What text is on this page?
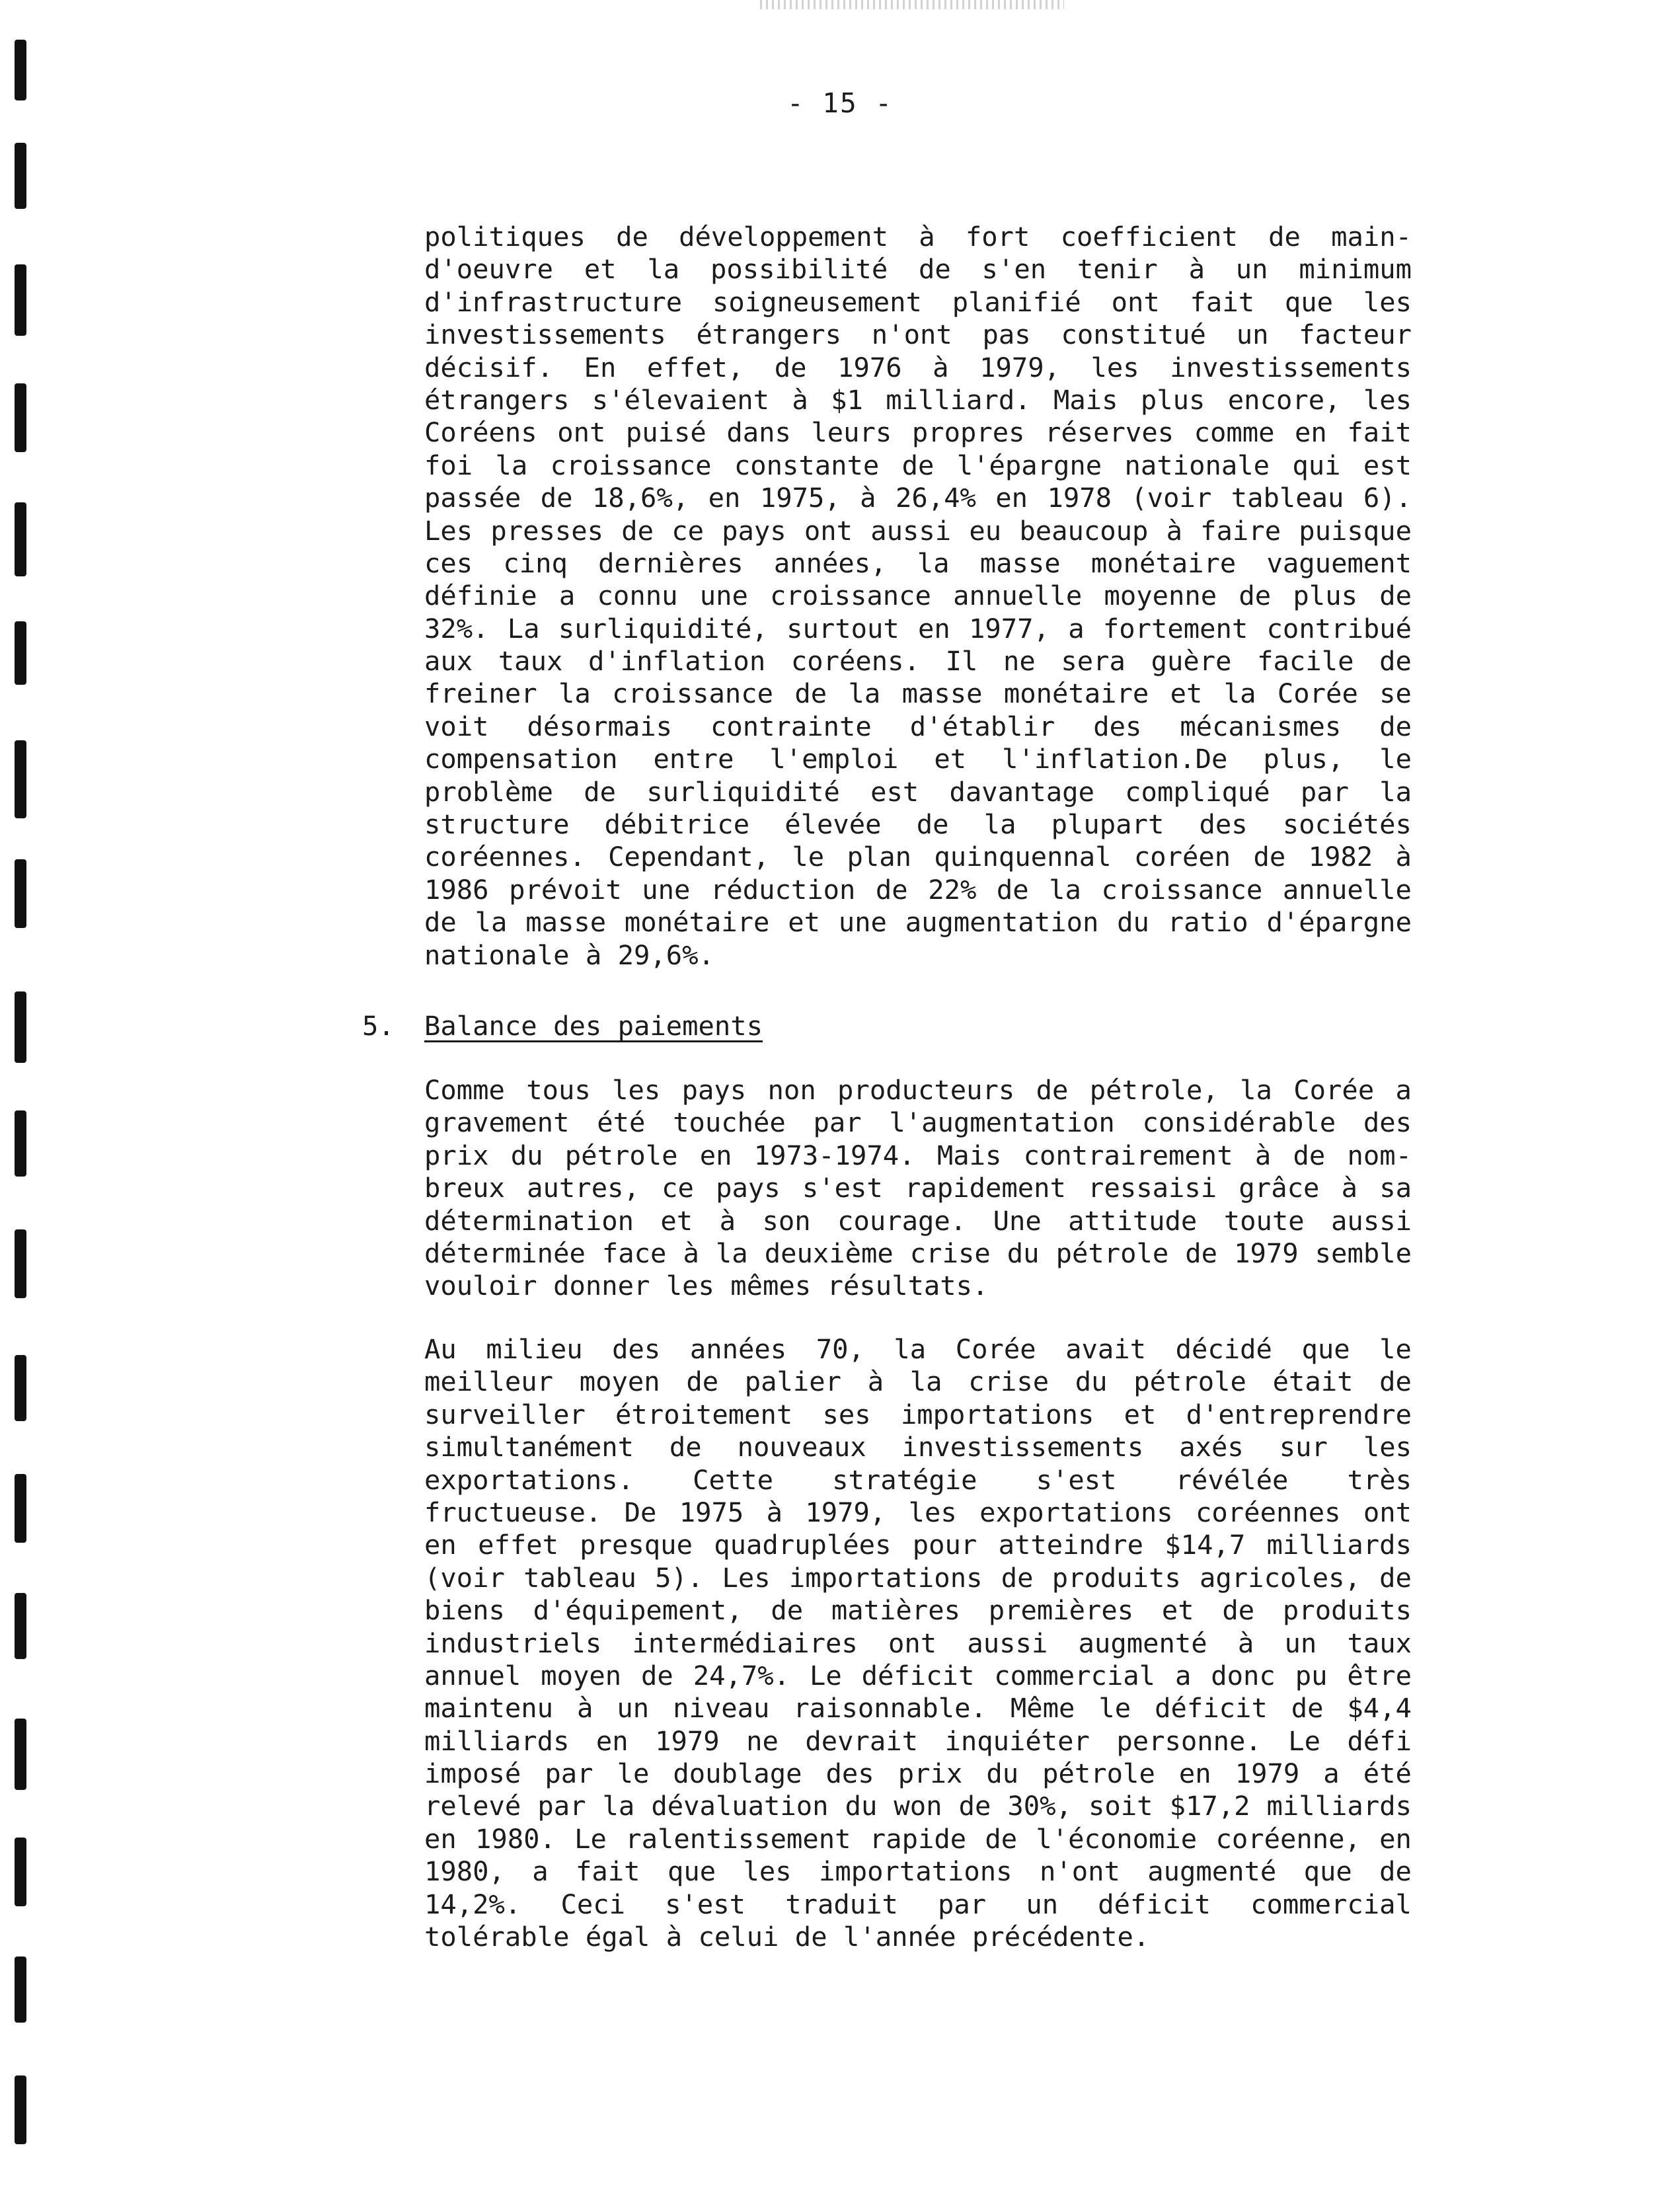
- 15 -
politiques de développement à fort coefficient de main-
d'oeuvre et la possibilité de s'en tenir à un minimum
d'infrastructure soigneusement planifié ont fait que les
investissements étrangers n'ont pas constitué un facteur
décisif. En effet, de 1976 à 1979, les investissements
étrangers s'élevaient à $1 milliard. Mais plus encore, les
Coréens ont puisé dans leurs propres réserves comme en fait
foi la croissance constante de l'épargne nationale qui est
passée de 18,6%, en 1975, à 26,4% en 1978 (voir tableau 6).
Les presses de ce pays ont aussi eu beaucoup à faire puisque
ces cinq dernières années, la masse monétaire vaguement
définie a connu une croissance annuelle moyenne de plus de
32%. La surliquidité, surtout en 1977, a fortement contribué
aux taux d'inflation coréens. Il ne sera guère facile de
freiner la croissance de la masse monétaire et la Corée se
voit désormais contrainte d'établir des mécanismes de
compensation entre l'emploi et l'inflation.De plus, le
problème de surliquidité est davantage compliqué par la
structure débitrice élevée de la plupart des sociétés
coréennes. Cependant, le plan quinquennal coréen de 1982 à
1986 prévoit une réduction de 22% de la croissance annuelle
de la masse monétaire et une augmentation du ratio d'épargne
nationale à 29,6%.
5. Balance des paiements
Comme tous les pays non producteurs de pétrole, la Corée a
gravement été touchée par l'augmentation considérable des
prix du pétrole en 1973-1974. Mais contrairement à de nom-
breux autres, ce pays s'est rapidement ressaisi grâce à sa
détermination et à son courage. Une attitude toute aussi
déterminée face à la deuxième crise du pétrole de 1979 semble
vouloir donner les mêmes résultats.
Au milieu des années 70, la Corée avait décidé que le
meilleur moyen de palier à la crise du pétrole était de
surveiller étroitement ses importations et d'entreprendre
simultanément de nouveaux investissements axés sur les
exportations. Cette stratégie s'est révélée très
fructueuse. De 1975 à 1979, les exportations coréennes ont
en effet presque quadruplées pour atteindre $14,7 milliards
(voir tableau 5). Les importations de produits agricoles, de
biens d'équipement, de matières premières et de produits
industriels intermédiaires ont aussi augmenté à un taux
annuel moyen de 24,7%. Le déficit commercial a donc pu être
maintenu à un niveau raisonnable. Même le déficit de $4,4
milliards en 1979 ne devrait inquiéter personne. Le défi
imposé par le doublage des prix du pétrole en 1979 a été
relevé par la dévaluation du won de 30%, soit $17,2 milliards
en 1980. Le ralentissement rapide de l'économie coréenne, en
1980, a fait que les importations n'ont augmenté que de
14,2%. Ceci s'est traduit par un déficit commercial
tolérable égal à celui de l'année précédente.
